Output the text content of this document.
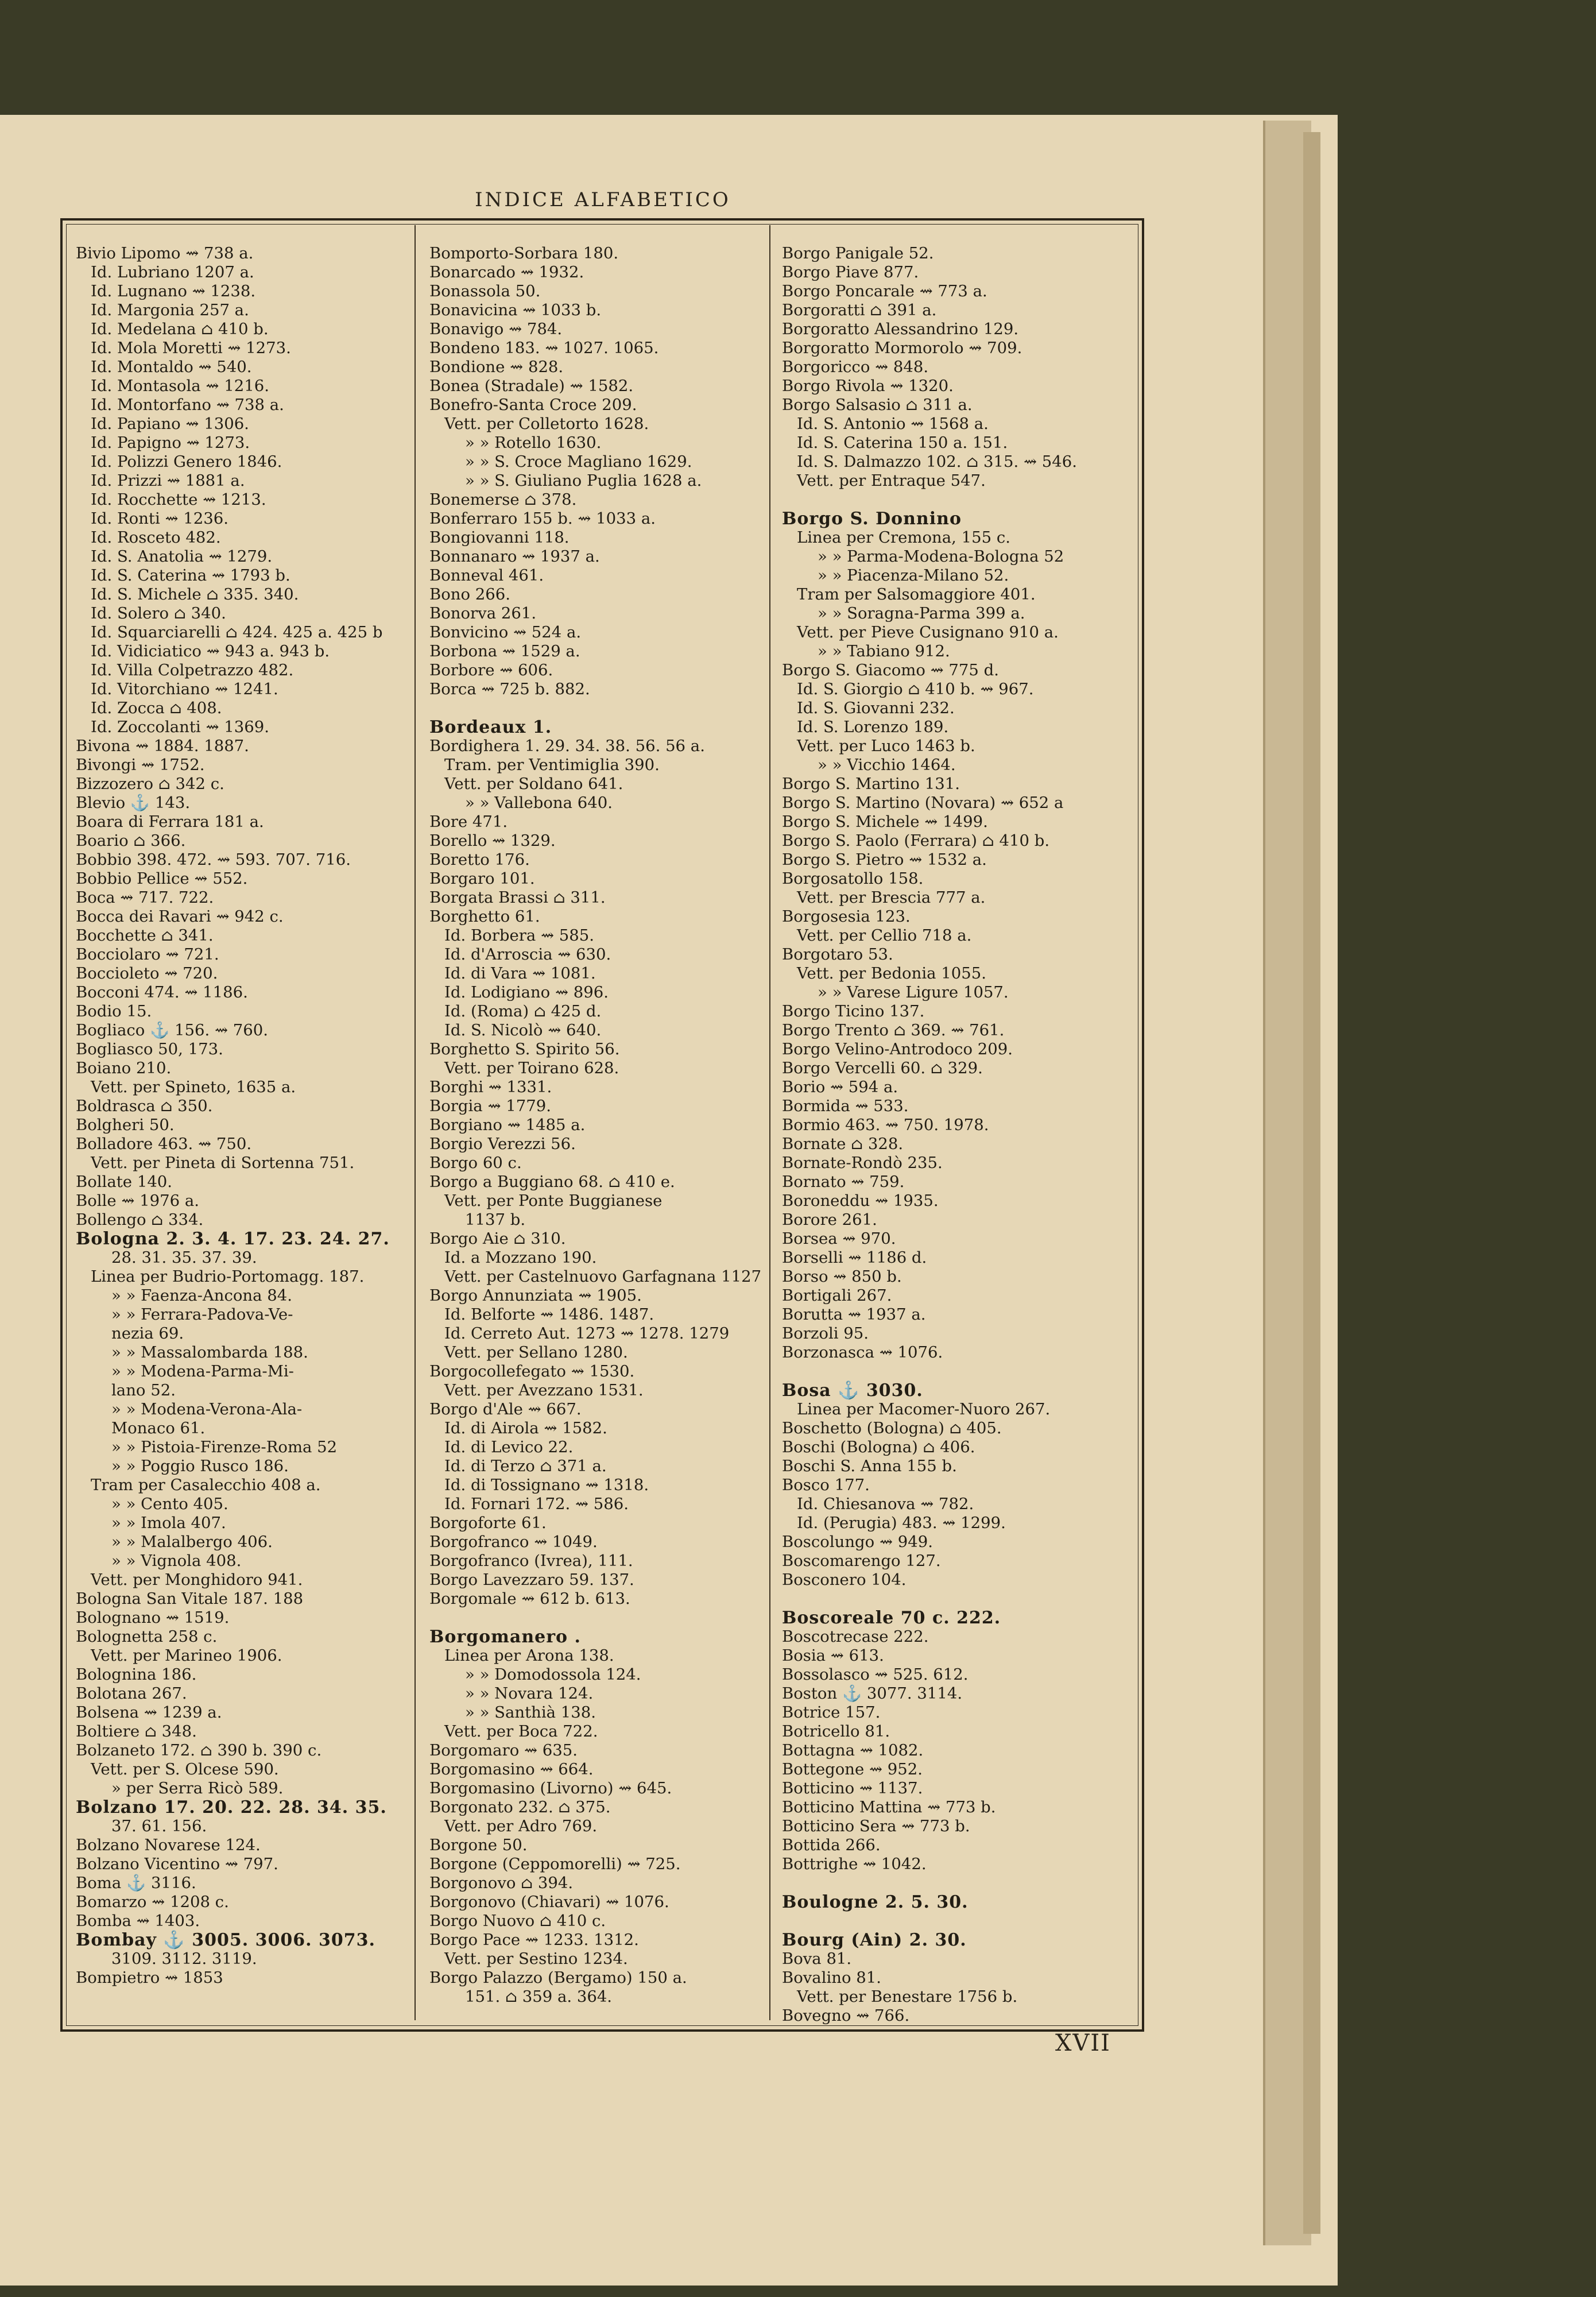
INDICE ALFABETICO
Bivio Lipomo ⇝ 738 a.
Id. Lubriano 1207 a.
Id. Lugnano ⇝ 1238.
Id. Margonia 257 a.
Id. Medelana ⌂ 410 b.
Id. Mola Moretti ⇝ 1273.
Id. Montaldo ⇝ 540.
Id. Montasola ⇝ 1216.
Id. Montorfano ⇝ 738 a.
Id. Papiano ⇝ 1306.
Id. Papigno ⇝ 1273.
Id. Polizzi Genero 1846.
Id. Prizzi ⇝ 1881 a.
Id. Rocchette ⇝ 1213.
Id. Ronti ⇝ 1236.
Id. Rosceto 482.
Id. S. Anatolia ⇝ 1279.
Id. S. Caterina ⇝ 1793 b.
Id. S. Michele ⌂ 335. 340.
Id. Solero ⌂ 340.
Id. Squarciarelli ⌂ 424. 425 a. 425 b
Id. Vidiciatico ⇝ 943 a. 943 b.
Id. Villa Colpetrazzo 482.
Id. Vitorchiano ⇝ 1241.
Id. Zocca ⌂ 408.
Id. Zoccolanti ⇝ 1369.
Bivona ⇝ 1884. 1887.
Bivongi ⇝ 1752.
Bizzozero ⌂ 342 c.
Blevio ⚓ 143.
Boara di Ferrara 181 a.
Boario ⌂ 366.
Bobbio 398. 472. ⇝ 593. 707. 716.
Bobbio Pellice ⇝ 552.
Boca ⇝ 717. 722.
Bocca dei Ravari ⇝ 942 c.
Bocchette ⌂ 341.
Bocciolaro ⇝ 721.
Boccioleto ⇝ 720.
Bocconi 474. ⇝ 1186.
Bodio 15.
Bogliaco ⚓ 156. ⇝ 760.
Bogliasco 50, 173.
Boiano 210.
Vett. per Spineto, 1635 a.
Boldrasca ⌂ 350.
Bolgheri 50.
Bolladore 463. ⇝ 750.
Vett. per Pineta di Sortenna 751.
Bollate 140.
Bolle ⇝ 1976 a.
Bollengo ⌂ 334.
Bologna 2. 3. 4. 17. 23. 24. 27.
28. 31. 35. 37. 39.
Linea per Budrio-Portomagg. 187.
» » Faenza-Ancona 84.
» » Ferrara-Padova-Ve-
nezia 69.
» » Massalombarda 188.
» » Modena-Parma-Mi-
lano 52.
» » Modena-Verona-Ala-
Monaco 61.
» » Pistoia-Firenze-Roma 52
» » Poggio Rusco 186.
Tram per Casalecchio 408 a.
» » Cento 405.
» » Imola 407.
» » Malalbergo 406.
» » Vignola 408.
Vett. per Monghidoro 941.
Bologna San Vitale 187. 188
Bolognano ⇝ 1519.
Bolognetta 258 c.
Vett. per Marineo 1906.
Bolognina 186.
Bolotana 267.
Bolsena ⇝ 1239 a.
Boltiere ⌂ 348.
Bolzaneto 172. ⌂ 390 b. 390 c.
Vett. per S. Olcese 590.
» per Serra Ricò 589.
Bolzano 17. 20. 22. 28. 34. 35.
37. 61. 156.
Bolzano Novarese 124.
Bolzano Vicentino ⇝ 797.
Boma ⚓ 3116.
Bomarzo ⇝ 1208 c.
Bomba ⇝ 1403.
Bombay ⚓ 3005. 3006. 3073.
3109. 3112. 3119.
Bompietro ⇝ 1853
Bomporto-Sorbara 180.
Bonarcado ⇝ 1932.
Bonassola 50.
Bonavicina ⇝ 1033 b.
Bonavigo ⇝ 784.
Bondeno 183. ⇝ 1027. 1065.
Bondione ⇝ 828.
Bonea (Stradale) ⇝ 1582.
Bonefro-Santa Croce 209.
Vett. per Colletorto 1628.
» » Rotello 1630.
» » S. Croce Magliano 1629.
» » S. Giuliano Puglia 1628 a.
Bonemerse ⌂ 378.
Bonferraro 155 b. ⇝ 1033 a.
Bongiovanni 118.
Bonnanaro ⇝ 1937 a.
Bonneval 461.
Bono 266.
Bonorva 261.
Bonvicino ⇝ 524 a.
Borbona ⇝ 1529 a.
Borbore ⇝ 606.
Borca ⇝ 725 b. 882.
Bordeaux 1.
Bordighera 1. 29. 34. 38. 56. 56 a.
Tram. per Ventimiglia 390.
Vett. per Soldano 641.
» » Vallebona 640.
Bore 471.
Borello ⇝ 1329.
Boretto 176.
Borgaro 101.
Borgata Brassi ⌂ 311.
Borghetto 61.
Id. Borbera ⇝ 585.
Id. d'Arroscia ⇝ 630.
Id. di Vara ⇝ 1081.
Id. Lodigiano ⇝ 896.
Id. (Roma) ⌂ 425 d.
Id. S. Nicolò ⇝ 640.
Borghetto S. Spirito 56.
Vett. per Toirano 628.
Borghi ⇝ 1331.
Borgia ⇝ 1779.
Borgiano ⇝ 1485 a.
Borgio Verezzi 56.
Borgo 60 c.
Borgo a Buggiano 68. ⌂ 410 e.
Vett. per Ponte Buggianese
1137 b.
Borgo Aie ⌂ 310.
Id. a Mozzano 190.
Vett. per Castelnuovo Garfagnana 1127
Borgo Annunziata ⇝ 1905.
Id. Belforte ⇝ 1486. 1487.
Id. Cerreto Aut. 1273 ⇝ 1278. 1279
Vett. per Sellano 1280.
Borgocollefegato ⇝ 1530.
Vett. per Avezzano 1531.
Borgo d'Ale ⇝ 667.
Id. di Airola ⇝ 1582.
Id. di Levico 22.
Id. di Terzo ⌂ 371 a.
Id. di Tossignano ⇝ 1318.
Id. Fornari 172. ⇝ 586.
Borgoforte 61.
Borgofranco ⇝ 1049.
Borgofranco (Ivrea), 111.
Borgo Lavezzaro 59. 137.
Borgomale ⇝ 612 b. 613.
Borgomanero .
Linea per Arona 138.
» » Domodossola 124.
» » Novara 124.
» » Santhià 138.
Vett. per Boca 722.
Borgomaro ⇝ 635.
Borgomasino ⇝ 664.
Borgomasino (Livorno) ⇝ 645.
Borgonato 232. ⌂ 375.
Vett. per Adro 769.
Borgone 50.
Borgone (Ceppomorelli) ⇝ 725.
Borgonovo ⌂ 394.
Borgonovo (Chiavari) ⇝ 1076.
Borgo Nuovo ⌂ 410 c.
Borgo Pace ⇝ 1233. 1312.
Vett. per Sestino 1234.
Borgo Palazzo (Bergamo) 150 a.
151. ⌂ 359 a. 364.
Borgo Panigale 52.
Borgo Piave 877.
Borgo Poncarale ⇝ 773 a.
Borgoratti ⌂ 391 a.
Borgoratto Alessandrino 129.
Borgoratto Mormorolo ⇝ 709.
Borgoricco ⇝ 848.
Borgo Rivola ⇝ 1320.
Borgo Salsasio ⌂ 311 a.
Id. S. Antonio ⇝ 1568 a.
Id. S. Caterina 150 a. 151.
Id. S. Dalmazzo 102. ⌂ 315. ⇝ 546.
Vett. per Entraque 547.
Borgo S. Donnino
Linea per Cremona, 155 c.
» » Parma-Modena-Bologna 52
» » Piacenza-Milano 52.
Tram per Salsomaggiore 401.
» » Soragna-Parma 399 a.
Vett. per Pieve Cusignano 910 a.
» » Tabiano 912.
Borgo S. Giacomo ⇝ 775 d.
Id. S. Giorgio ⌂ 410 b. ⇝ 967.
Id. S. Giovanni 232.
Id. S. Lorenzo 189.
Vett. per Luco 1463 b.
» » Vicchio 1464.
Borgo S. Martino 131.
Borgo S. Martino (Novara) ⇝ 652 a
Borgo S. Michele ⇝ 1499.
Borgo S. Paolo (Ferrara) ⌂ 410 b.
Borgo S. Pietro ⇝ 1532 a.
Borgosatollo 158.
Vett. per Brescia 777 a.
Borgosesia 123.
Vett. per Cellio 718 a.
Borgotaro 53.
Vett. per Bedonia 1055.
» » Varese Ligure 1057.
Borgo Ticino 137.
Borgo Trento ⌂ 369. ⇝ 761.
Borgo Velino-Antrodoco 209.
Borgo Vercelli 60. ⌂ 329.
Borio ⇝ 594 a.
Bormida ⇝ 533.
Bormio 463. ⇝ 750. 1978.
Bornate ⌂ 328.
Bornate-Rondò 235.
Bornato ⇝ 759.
Boroneddu ⇝ 1935.
Borore 261.
Borsea ⇝ 970.
Borselli ⇝ 1186 d.
Borso ⇝ 850 b.
Bortigali 267.
Borutta ⇝ 1937 a.
Borzoli 95.
Borzonasca ⇝ 1076.
Bosa ⚓ 3030.
Linea per Macomer-Nuoro 267.
Boschetto (Bologna) ⌂ 405.
Boschi (Bologna) ⌂ 406.
Boschi S. Anna 155 b.
Bosco 177.
Id. Chiesanova ⇝ 782.
Id. (Perugia) 483. ⇝ 1299.
Boscolungo ⇝ 949.
Boscomarengo 127.
Bosconero 104.
Boscoreale 70 c. 222.
Boscotrecase 222.
Bosia ⇝ 613.
Bossolasco ⇝ 525. 612.
Boston ⚓ 3077. 3114.
Botrice 157.
Botricello 81.
Bottagna ⇝ 1082.
Bottegone ⇝ 952.
Botticino ⇝ 1137.
Botticino Mattina ⇝ 773 b.
Botticino Sera ⇝ 773 b.
Bottida 266.
Bottrighe ⇝ 1042.
Boulogne 2. 5. 30.
Bourg (Ain) 2. 30.
Bova 81.
Bovalino 81.
Vett. per Benestare 1756 b.
Bovegno ⇝ 766.
XVII
